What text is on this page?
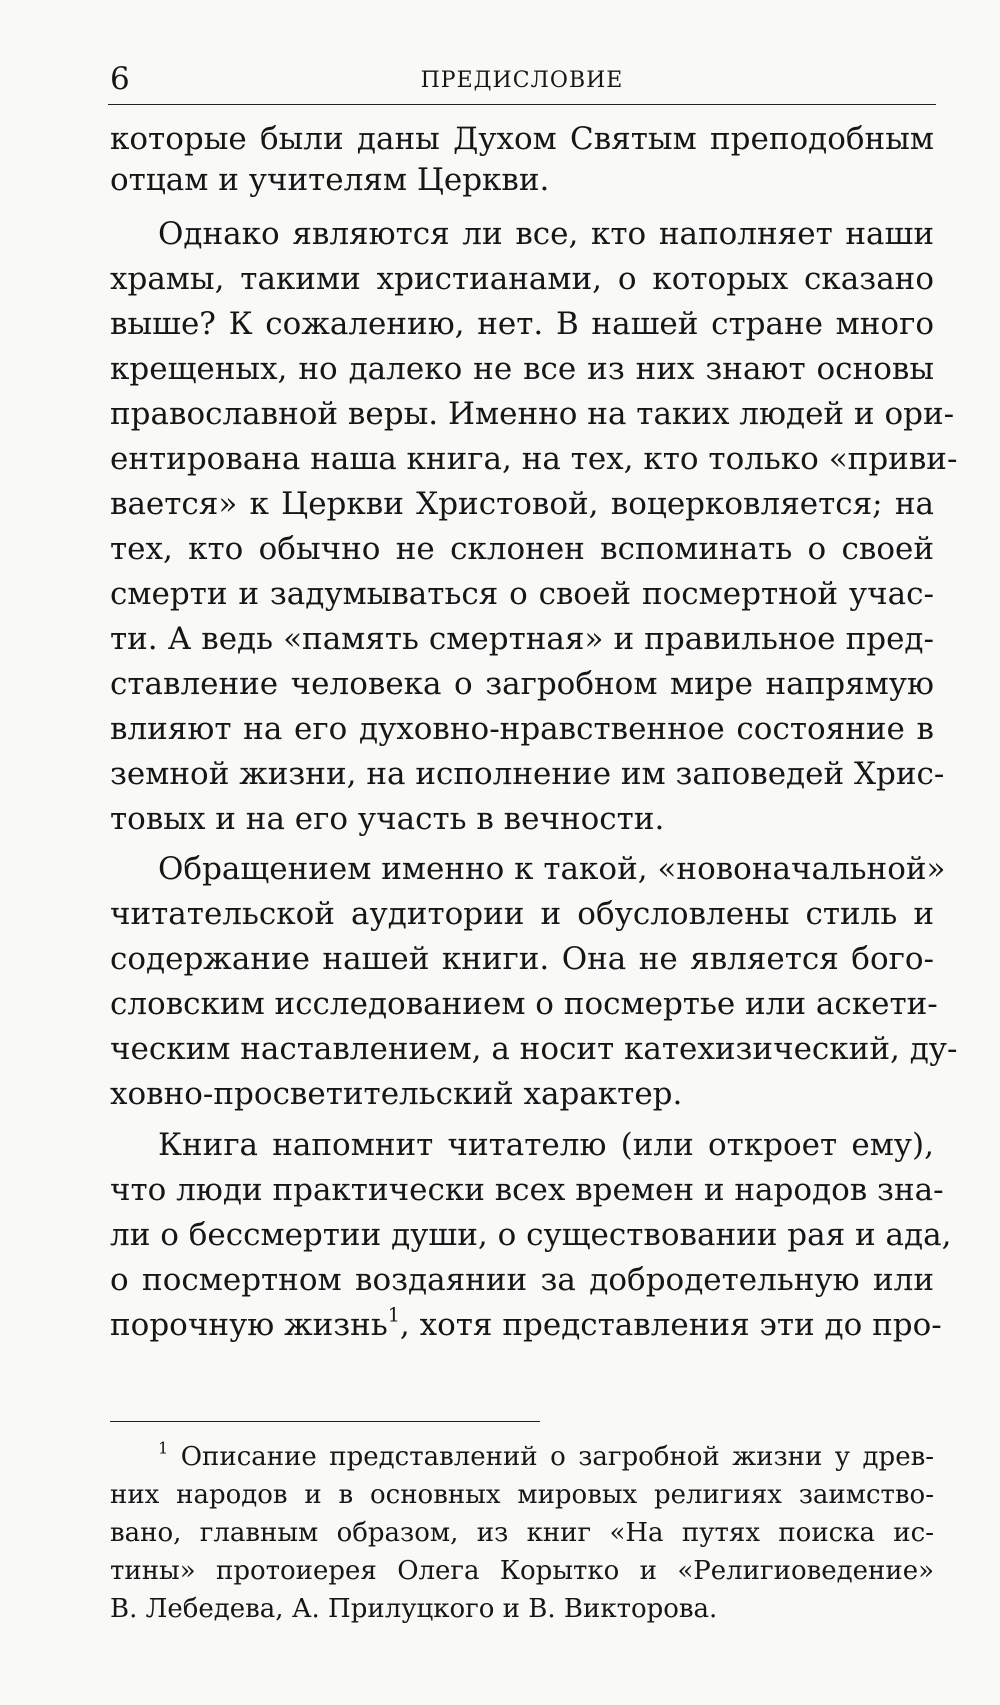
6	ПРЕДИСЛОВИЕ
которые были даны Духом Святым преподобным
отцам и учителям Церкви.
Однако являются ли все, кто наполняет наши
храмы, такими христианами, о которых сказано
выше? К сожалению, нет. В нашей стране много
крещеных, но далеко не все из них знают основы
православной веры. Именно на таких людей и ори-
ентирована наша книга, на тех, кто только «приви-
вается» к Церкви Христовой, воцерковляется; на
тех, кто обычно не склонен вспоминать о своей
смерти и задумываться о своей посмертной учас-
ти. А ведь «память смертная» и правильное пред-
ставление человека о загробном мире напрямую
влияют на его духовно-нравственное состояние в
земной жизни, на исполнение им заповедей Хрис-
товых и на его участь в вечности.
Обращением именно к такой, «новоначальной»
читательской аудитории и обусловлены стиль и
содержание нашей книги. Она не является бого-
словским исследованием о посмертье или аскети-
ческим наставлением, а носит катехизический, ду-
ховно-просветительский характер.
Книга напомнит читателю (или откроет ему),
что люди практически всех времен и народов зна-
ли о бессмертии души, о существовании рая и ада,
о посмертном воздаянии за добродетельную или
порочную жизнь$^1$, хотя представления эти до про-
$^1$ Описание представлений о загробной жизни у древ-
них народов и в основных мировых религиях заимство-
вано, главным образом, из книг «На путях поиска ис-
тины» протоиерея Олега Корытко и «Религиоведение»
В. Лебедева, А. Прилуцкого и В. Викторова.
